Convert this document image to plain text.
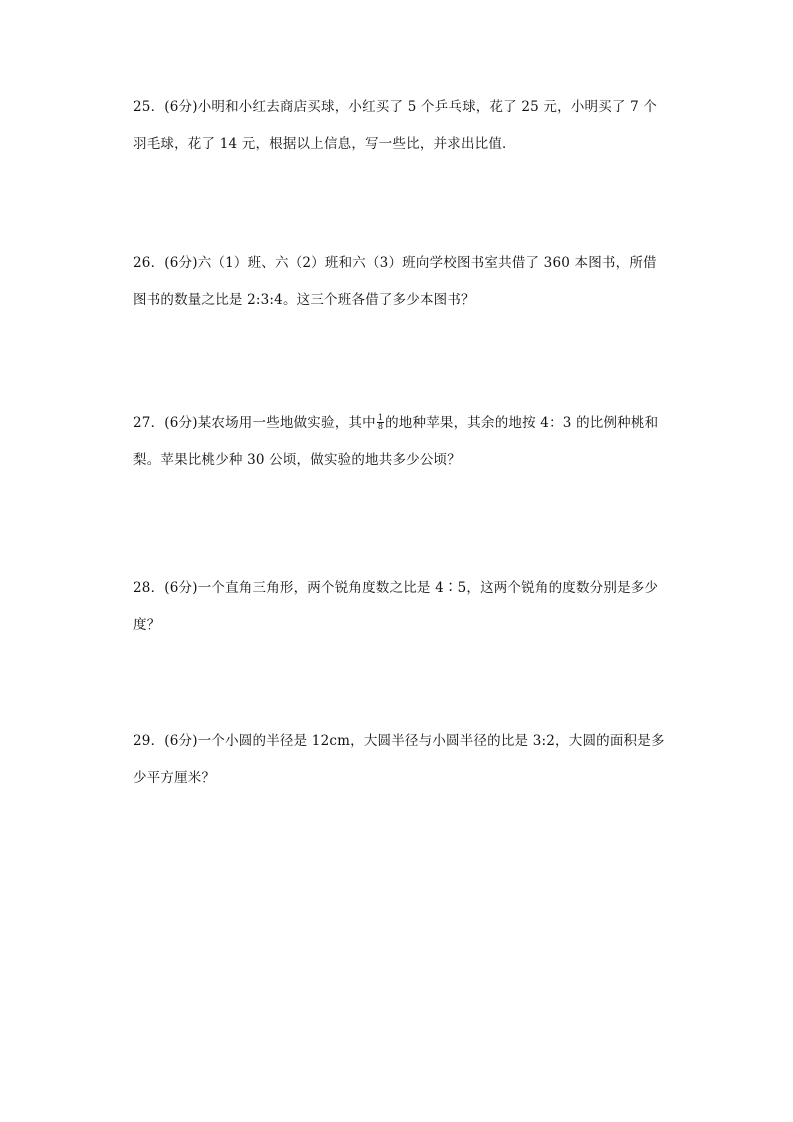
25．(6分)小明和小红去商店买球，小红买了 5 个乒乓球，花了 25 元，小明买了 7 个
羽毛球，花了 14 元，根据以上信息，写一些比，并求出比值．
26．(6分)六（1）班、六（2）班和六（3）班向学校图书室共借了 360 本图书，所借
图书的数量之比是 2:3:4。这三个班各借了多少本图书？
27．(6分)某农场用一些地做实验，其中 $\frac{1}{8}$ 的地种苹果，其余的地按 4：3 的比例种桃和
梨。苹果比桃少种 30 公顷，做实验的地共多少公顷？
28．(6分)一个直角三角形，两个锐角度数之比是 4∶5，这两个锐角的度数分别是多少
度？
29．(6分)一个小圆的半径是 12cm，大圆半径与小圆半径的比是 3:2，大圆的面积是多
少平方厘米？
